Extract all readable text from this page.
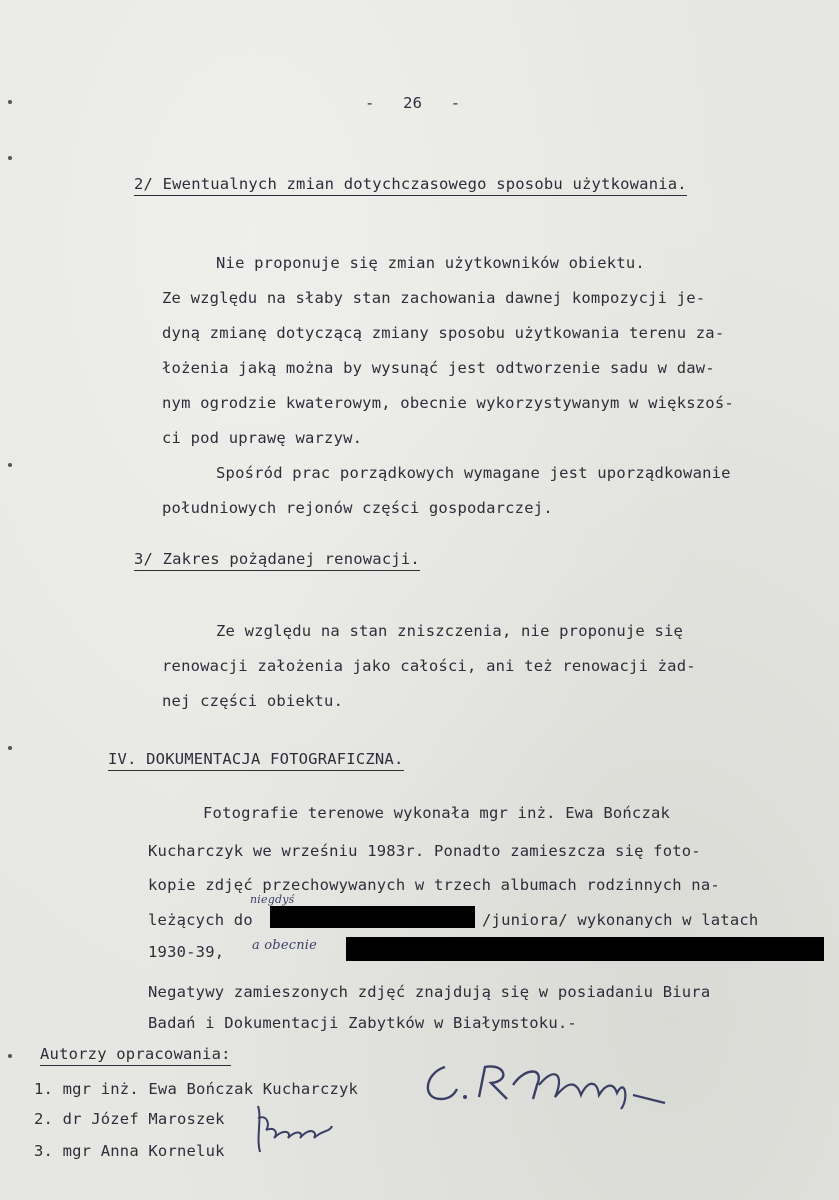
-   26   -
2/ Ewentualnych zmian dotychczasowego sposobu użytkowania.
Nie proponuje się zmian użytkowników obiektu.
Ze względu na słaby stan zachowania dawnej kompozycji je-
dyną zmianę dotyczącą zmiany sposobu użytkowania terenu za-
łożenia jaką można by wysunąć jest odtworzenie sadu w daw-
nym ogrodzie kwaterowym, obecnie wykorzystywanym w większoś-
ci pod uprawę warzyw.
Spośród prac porządkowych wymagane jest uporządkowanie
południowych rejonów części gospodarczej.
3/ Zakres pożądanej renowacji.
Ze względu na stan zniszczenia, nie proponuje się
renowacji założenia jako całości, ani też renowacji żad-
nej części obiektu.
IV. DOKUMENTACJA FOTOGRAFICZNA.
Fotografie terenowe wykonała mgr inż. Ewa Bończak
Kucharczyk we wrześniu 1983r. Ponadto zamieszcza się foto-
kopie zdjęć przechowywanych w trzech albumach rodzinnych na-
niegdyś
leżących do	/juniora/ wykonanych w latach
1930-39, a obecnie
Negatywy zamieszonych zdjęć znajdują się w posiadaniu Biura
Badań i Dokumentacji Zabytków w Białymstoku.-
Autorzy opracowania:
1. mgr inż. Ewa Bończak Kucharczyk
2. dr Józef Maroszek
3. mgr Anna Korneluk
